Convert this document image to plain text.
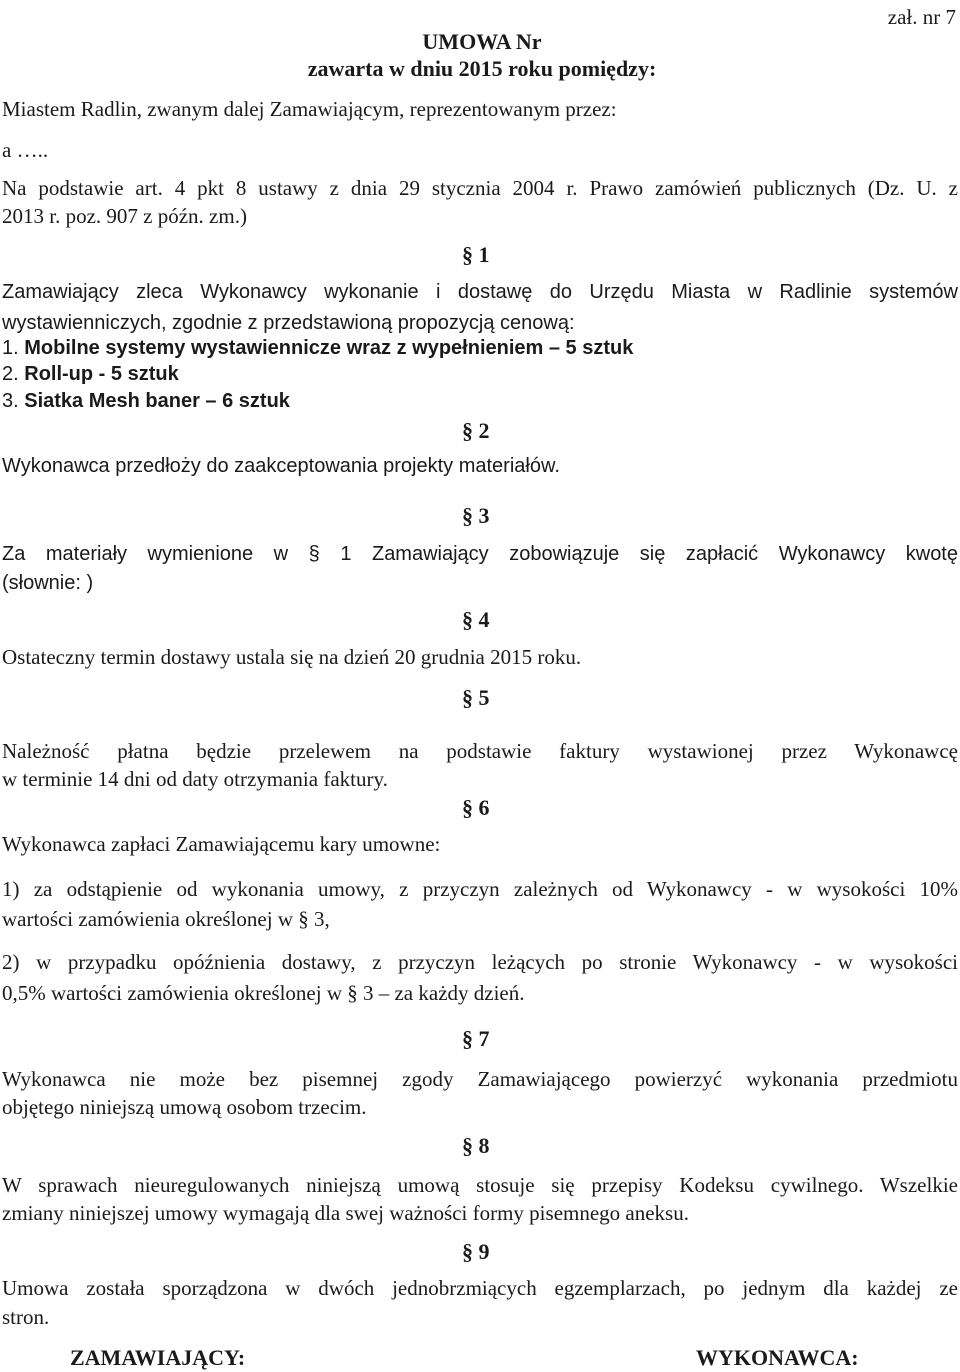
zał. nr 7
UMOWA Nr
zawarta w dniu 2015 roku pomiędzy:
Miastem Radlin, zwanym dalej Zamawiającym, reprezentowanym przez:
a …..
Na podstawie art. 4 pkt 8 ustawy z dnia 29 stycznia 2004 r. Prawo zamówień publicznych (Dz. U. z
2013 r. poz. 907 z późn. zm.)
§ 1
Zamawiający zleca Wykonawcy wykonanie i dostawę do Urzędu Miasta w Radlinie systemów
wystawienniczych, zgodnie z przedstawioną propozycją cenową:
1. Mobilne systemy wystawiennicze wraz z wypełnieniem – 5 sztuk
2. Roll-up - 5 sztuk
3. Siatka Mesh baner – 6 sztuk
§ 2
Wykonawca przedłoży do zaakceptowania projekty materiałów.
§ 3
Za materiały wymienione w § 1 Zamawiający zobowiązuje się zapłacić Wykonawcy kwotę
(słownie: )
§ 4
Ostateczny termin dostawy ustala się na dzień 20 grudnia 2015 roku.
§ 5
Należność płatna będzie przelewem na podstawie faktury wystawionej przez Wykonawcę
w terminie 14 dni od daty otrzymania faktury.
§ 6
Wykonawca zapłaci Zamawiającemu kary umowne:
1) za odstąpienie od wykonania umowy, z przyczyn zależnych od Wykonawcy - w wysokości 10%
wartości zamówienia określonej w § 3,
2) w przypadku opóźnienia dostawy, z przyczyn leżących po stronie Wykonawcy - w wysokości
0,5% wartości zamówienia określonej w § 3 – za każdy dzień.
§ 7
Wykonawca nie może bez pisemnej zgody Zamawiającego powierzyć wykonania przedmiotu
objętego niniejszą umową osobom trzecim.
§ 8
W sprawach nieuregulowanych niniejszą umową stosuje się przepisy Kodeksu cywilnego. Wszelkie
zmiany niniejszej umowy wymagają dla swej ważności formy pisemnego aneksu.
§ 9
Umowa została sporządzona w dwóch jednobrzmiących egzemplarzach, po jednym dla każdej ze
stron.
ZAMAWIAJĄCY:	WYKONAWCA:
